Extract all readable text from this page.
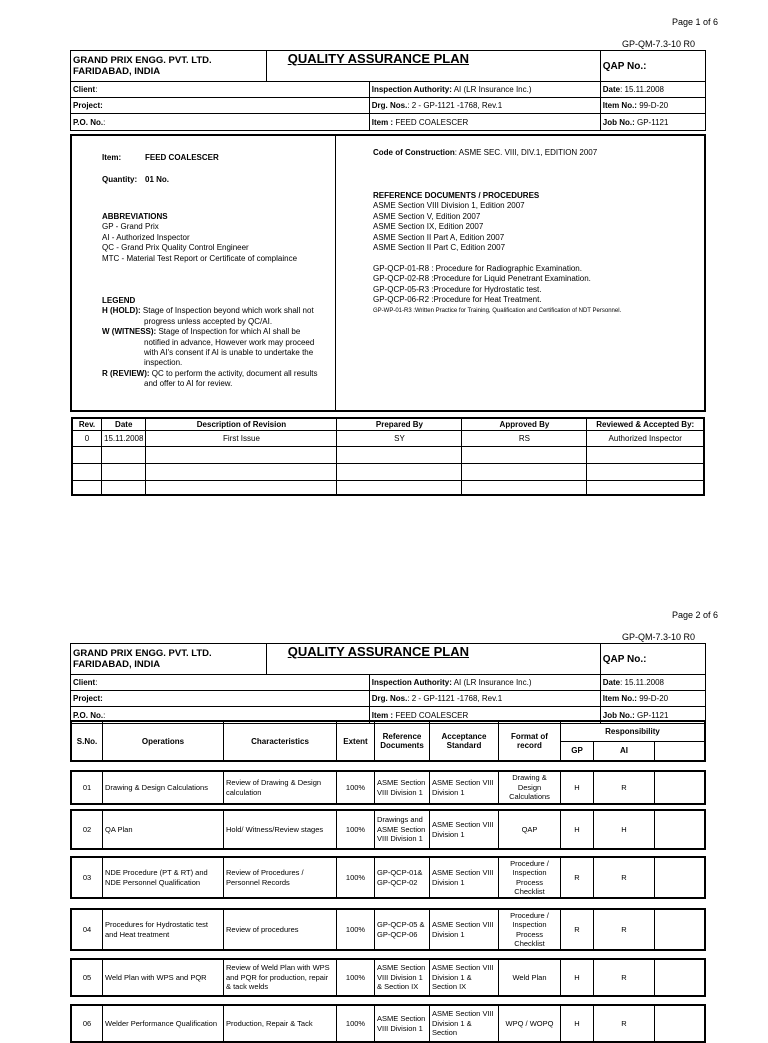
Page 1 of 6
GP-QM-7.3-10 R0
GRAND PRIX ENGG. PVT. LTD.
FARIDABAD, INDIA	QUALITY ASSURANCE PLAN		QAP No.:
Client:		Inspection Authority: AI (LR Insurance Inc.)	Date: 15.11.2008
Project:		Drg. Nos.: 2 - GP-1121 -1768, Rev.1	Item No.: 99-D-20
P.O. No.:		Item : FEED COALESCER	Job No.: GP-1121
Item:	FEED COALESCER
Quantity: 01 No.
ABBREVIATIONS
GP - Grand Prix
AI - Authorized Inspector
QC - Grand Prix Quality Control Engineer
MTC - Material Test Report or Certificate of complaince
LEGEND
H (HOLD): Stage of Inspection beyond which work shall not
progress unless accepted by QC/AI.
W (WITNESS): Stage of Inspection for which AI shall be
notified in advance, However work may proceed
with AI's consent if AI is unable to undertake the
inspection.
R (REVIEW): QC to perform the activity, document all results
and offer to AI for review.
Code of Construction: ASME SEC. VIII, DIV.1, EDITION 2007
REFERENCE DOCUMENTS / PROCEDURES
ASME Section VIII Division 1, Edition 2007
ASME Section V, Edition 2007
ASME Section IX, Edition 2007
ASME Section II Part A, Edition 2007
ASME Section II Part C, Edition 2007
GP-QCP-01-R8 : Procedure for Radiographic Examination.
GP-QCP-02-R8 :Procedure for Liquid Penetrant Examination.
GP-QCP-05-R3 :Procedure for Hydrostatic test.
GP-QCP-06-R2 :Procedure for Heat Treatment.
GP-WP-01-R3 :Written Practice for Training, Qualification and Certification of NDT Personnel.
Rev.	Date	Description of Revision	Prepared By	Approved By	Reviewed & Accepted By:
0	15.11.2008	First Issue	SY	RS	Authorized Inspector

Page 2 of 6
GP-QM-7.3-10 R0
GRAND PRIX ENGG. PVT. LTD.
FARIDABAD, INDIA	QUALITY ASSURANCE PLAN		QAP No.:
Client:		Inspection Authority: AI (LR Insurance Inc.)	Date: 15.11.2008
Project:		Drg. Nos.: 2 - GP-1121 -1768, Rev.1	Item No.: 99-D-20
P.O. No.:		Item : FEED COALESCER	Job No.: GP-1121
S.No.	Operations	Characteristics	Extent	Reference Documents	Acceptance Standard	Format of record	Responsibility		
							GP	AI	
01	Drawing & Design Calculations	Review of Drawing & Design calculation	100%	ASME Section VIII Division 1	ASME Section VIII Division 1	Drawing & Design Calculations	H	R	
02	QA Plan	Hold/ Witness/Review stages	100%	Drawings and ASME Section VIII Division 1	ASME Section VIII Division 1	QAP	H	H	
03	NDE Procedure (PT & RT) and NDE Personnel Qualification	Review of Procedures / Personnel Records	100%	GP-QCP-01& GP-QCP-02	ASME Section VIII Division 1	Procedure / Inspection Process Checklist	R	R	
04	Procedures for Hydrostatic test and Heat treatment	Review of procedures	100%	GP-QCP-05 & GP-QCP-06	ASME Section VIII Division 1	Procedure / Inspection Process Checklist	R	R	
05	Weld Plan with WPS and PQR	Review of Weld Plan with WPS and PQR for production, repair & tack welds	100%	ASME Section VIII Division 1 & Section IX	ASME Section VIII Division 1 & Section IX	Weld Plan	H	R	
06	Welder Performance Qualification	Production, Repair & Tack	100%	ASME Section VIII Division 1	ASME Section VIII Division 1 & Section	WPQ / WOPQ	H	R	
